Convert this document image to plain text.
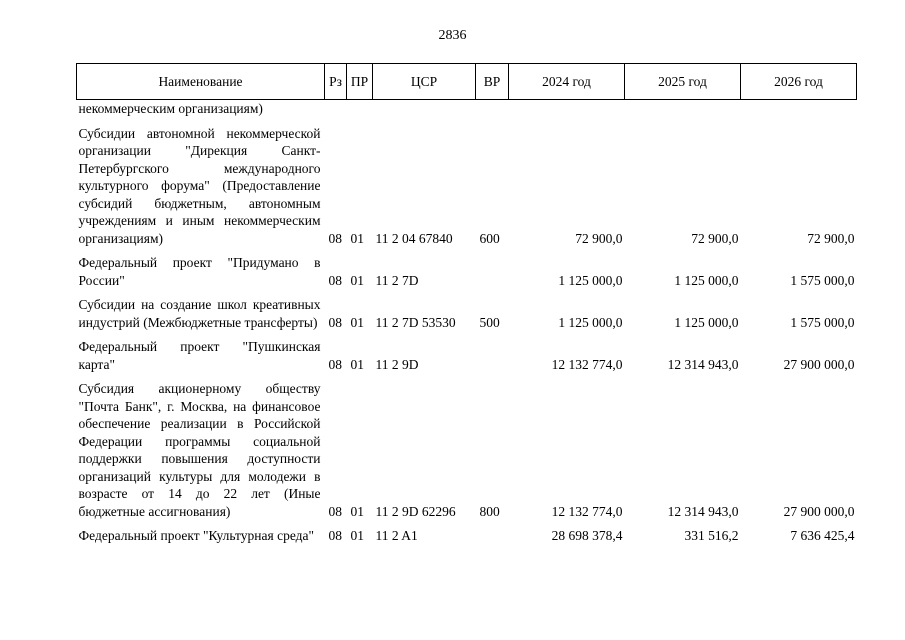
2836
Наименование	Рз	ПР	ЦСР	ВР	2024 год	2025 год	2026 год
некоммерческим организациям)							
Субсидии автономной некоммерческой организации "Дирекция Санкт-Петербургского международного культурного форума" (Предоставление субсидий бюджетным, автономным учреждениям и иным некоммерческим организациям)	08	01	11 2 04 67840	600	72 900,0	72 900,0	72 900,0
Федеральный проект "Придумано в России"	08	01	11 2 7D		1 125 000,0	1 125 000,0	1 575 000,0
Субсидии на создание школ креативных индустрий (Межбюджетные трансферты)	08	01	11 2 7D 53530	500	1 125 000,0	1 125 000,0	1 575 000,0
Федеральный проект "Пушкинская карта"	08	01	11 2 9D		12 132 774,0	12 314 943,0	27 900 000,0
Субсидия акционерному обществу "Почта Банк", г. Москва, на финансовое обеспечение реализации в Российской Федерации программы социальной поддержки повышения доступности организаций культуры для молодежи в возрасте от 14 до 22 лет (Иные бюджетные ассигнования)	08	01	11 2 9D 62296	800	12 132 774,0	12 314 943,0	27 900 000,0
Федеральный проект "Культурная среда"	08	01	11 2 A1		28 698 378,4	331 516,2	7 636 425,4
